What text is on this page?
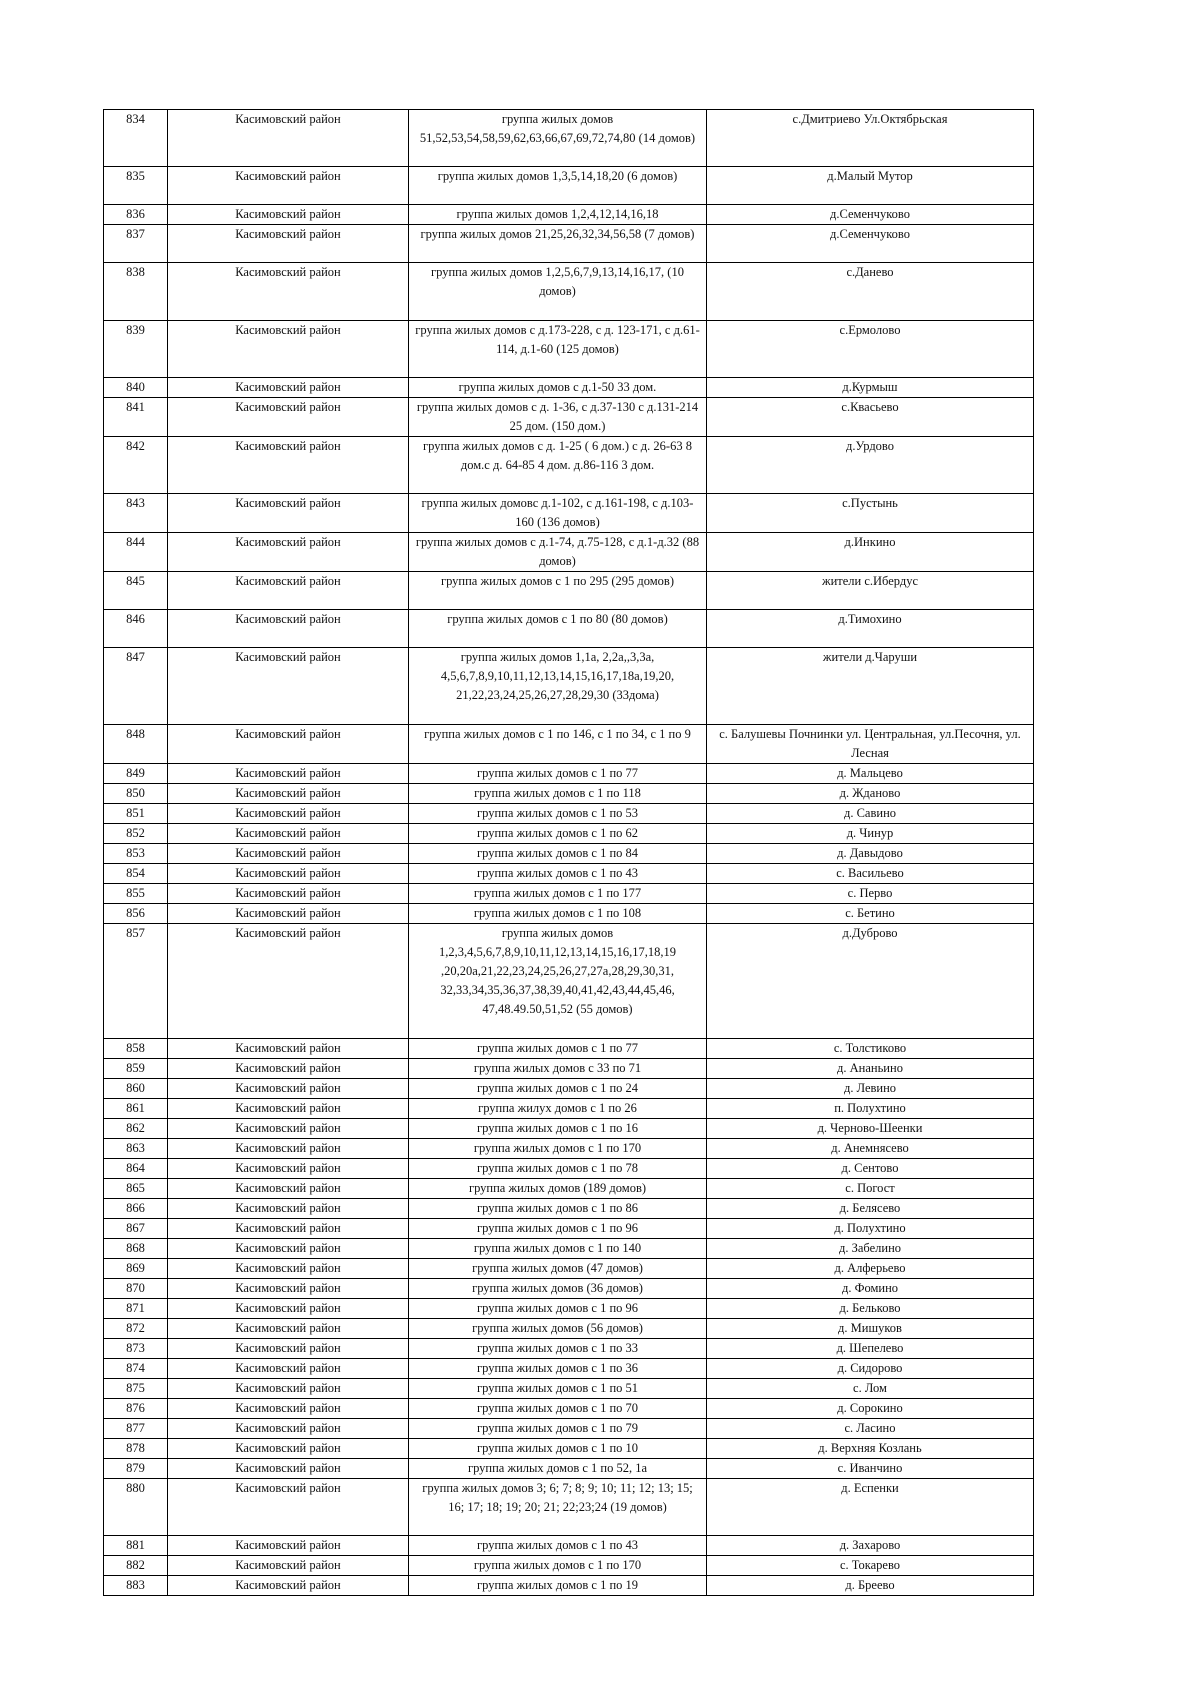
834	Касимовский район	группа жилых домов 51,52,53,54,58,59,62,63,66,67,69,72,74,80 (14 домов)	с.Дмитриево Ул.Октябрьская
835	Касимовский район	группа жилых домов 1,3,5,14,18,20 (6 домов)	д.Малый Мутор
836	Касимовский район	группа жилых домов 1,2,4,12,14,16,18	д.Семенчуково
837	Касимовский район	группа жилых домов 21,25,26,32,34,56,58 (7 домов)	д.Семенчуково
838	Касимовский район	группа жилых домов 1,2,5,6,7,9,13,14,16,17, (10 домов)	с.Данево
839	Касимовский район	группа жилых домов с д.173-228, с д. 123-171, с д.61-114, д.1-60 (125 домов)	с.Ермолово
840	Касимовский район	группа жилых домов с д.1-50 33 дом.	д.Курмыш
841	Касимовский район	группа жилых домов с д. 1-36, с д.37-130 с д.131-214 25 дом. (150 дом.)	с.Квасьево
842	Касимовский район	группа жилых домов с д. 1-25 ( 6 дом.) с д. 26-63 8 дом.с д. 64-85 4 дом. д.86-116 3 дом.	д.Урдово
843	Касимовский район	группа жилых домовс д.1-102, с д.161-198, с д.103-160 (136 домов)	с.Пустынь
844	Касимовский район	группа жилых домов с д.1-74, д.75-128, с д.1-д.32 (88 домов)	д.Инкино
845	Касимовский район	группа жилых домов с 1 по 295 (295 домов)	жители с.Ибердус
846	Касимовский район	группа жилых домов с 1 по 80 (80 домов)	д.Тимохино
847	Касимовский район	группа жилых домов 1,1а, 2,2а,,3,3а, 4,5,6,7,8,9,10,11,12,13,14,15,16,17,18а,19,20, 21,22,23,24,25,26,27,28,29,30 (33дома)	жители д.Чаруши
848	Касимовский район	группа жилых домов с 1 по 146, с 1 по 34, с 1 по 9	с. Балушевы Почнинки ул. Центральная, ул.Песочня, ул. Лесная
849	Касимовский район	группа жилых домов с 1 по 77	д. Мальцево
850	Касимовский район	группа жилых домов с 1 по 118	д. Жданово
851	Касимовский район	группа жилых домов с 1 по 53	д. Савино
852	Касимовский район	группа жилых домов с 1 по 62	д. Чинур
853	Касимовский район	группа жилых домов с 1 по 84	д. Давыдово
854	Касимовский район	группа жилых домов с 1 по 43	с. Васильево
855	Касимовский район	группа жилых домов с 1 по 177	с. Перво
856	Касимовский район	группа жилых домов с 1 по 108	с. Бетино
857	Касимовский район	группа жилых домов 1,2,3,4,5,6,7,8,9,10,11,12,13,14,15,16,17,18,19 ,20,20а,21,22,23,24,25,26,27,27а,28,29,30,31, 32,33,34,35,36,37,38,39,40,41,42,43,44,45,46, 47,48.49.50,51,52 (55 домов)	д.Дуброво
858	Касимовский район	группа жилых домов с 1 по 77	с. Толстиково
859	Касимовский район	группа жилых домов с 33 по 71	д. Ананьино
860	Касимовский район	группа жилых домов с 1 по 24	д. Левино
861	Касимовский район	группа жилух домов с 1 по 26	п. Полухтино
862	Касимовский район	группа жилых домов с 1 по 16	д. Черново-Шеенки
863	Касимовский район	группа жилых домов с 1 по 170	д. Анемнясево
864	Касимовский район	группа жилых домов с 1 по 78	д. Сентово
865	Касимовский район	группа жилых домов (189 домов)	с. Погост
866	Касимовский район	группа жилых домов с 1 по 86	д. Белясево
867	Касимовский район	группа жилых домов с 1 по 96	д. Полухтино
868	Касимовский район	группа жилых домов с 1 по 140	д. Забелино
869	Касимовский район	группа жилых домов (47 домов)	д. Алферьево
870	Касимовский район	группа жилых домов (36 домов)	д. Фомино
871	Касимовский район	группа жилых домов с 1 по 96	д. Бельково
872	Касимовский район	группа жилых домов (56 домов)	д. Мишуков
873	Касимовский район	группа жилых домов с 1 по 33	д. Шепелево
874	Касимовский район	группа жилых домов с 1 по 36	д. Сидорово
875	Касимовский район	группа жилых домов с 1 по 51	с. Лом
876	Касимовский район	группа жилых домов с 1 по 70	д. Сорокино
877	Касимовский район	группа жилых домов с 1 по 79	с. Ласино
878	Касимовский район	группа жилых домов с 1 по 10	д. Верхняя Козлань
879	Касимовский район	группа жилых домов с 1 по 52, 1а	с. Иванчино
880	Касимовский район	группа жилых домов 3; 6; 7; 8; 9; 10; 11; 12; 13; 15; 16; 17; 18; 19; 20; 21; 22;23;24 (19 домов)	д. Еспенки
881	Касимовский район	группа жилых домов с 1 по 43	д. Захарово
882	Касимовский район	группа жилых домов с 1 по 170	с. Токарево
883	Касимовский район	группа жилых домов с 1 по 19	д. Бреево
